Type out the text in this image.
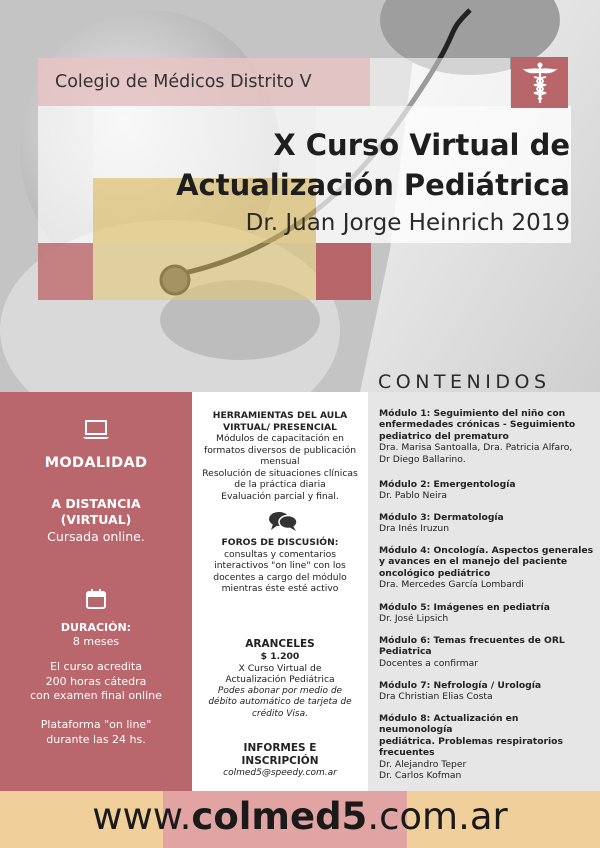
Colegio de Médicos Distrito V
X Curso Virtual de
Actualización Pediátrica
Dr. Juan Jorge Heinrich 2019
CONTENIDOS
MODALIDAD
A DISTANCIA
(VIRTUAL)
Cursada online.
DURACIÓN:
8 meses
El curso acredita
200 horas cátedra
con examen final online
Plataforma "on line"
durante las 24 hs.
HERRAMIENTAS DEL AULA
VIRTUAL/ PRESENCIAL
Módulos de capacitación en
formatos diversos de publicación
mensual
Resolución de situaciones clínicas
de la práctica diaria
Evaluación parcial y final.
FOROS DE DISCUSIÓN:
consultas y comentarios
interactivos "on line" con los
docentes a cargo del módulo
mientras éste esté activo
ARANCELES
$ 1.200
X Curso Virtual de
Actualización Pediátrica
Podes abonar por medio de
débito automático de tarjeta de
crédito Visa.
INFORMES E
INSCRIPCIÓN
colmed5@speedy.com.ar
Módulo 1: Seguimiento del niño con
enfermedades crónicas - Seguimiento
pediatrico del prematuro
Dra. Marisa Santoalla, Dra. Patricia Alfaro,
Dr Diego Ballarino.
Módulo 2: Emergentología
Dr. Pablo Neira
Módulo 3: Dermatología
Dra Inés Iruzun
Módulo 4: Oncología. Aspectos generales
y avances en el manejo del paciente
oncológico pediátrico
Dra. Mercedes García Lombardi
Módulo 5: Imágenes en pediatría
Dr. José Lipsich
Módulo 6: Temas frecuentes de ORL
Pediatrica
Docentes a confirmar
Módulo 7: Nefrología / Urología
Dra Christian Elias Costa
Módulo 8: Actualización en neumonología
pediátrica. Problemas respiratorios
frecuentes
Dr. Alejandro Teper
Dr. Carlos Kofman
www.colmed5.com.ar
